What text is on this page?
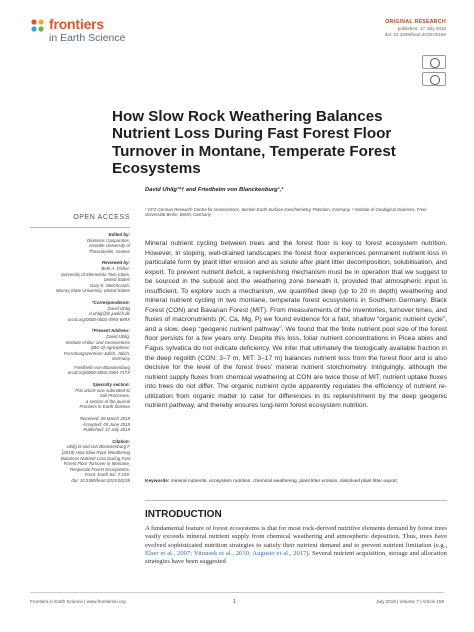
frontiers
in Earth Science
ORIGINAL RESEARCH
published: 17 July 2019
doi: 10.3389/feart.2019.00159
How Slow Rock Weathering Balances Nutrient Loss During Fast Forest Floor Turnover in Montane, Temperate Forest Ecosystems
David Uhlig¹*† and Friedhelm von Blanckenburg¹,²
¹ GFZ German Research Centre for Geosciences, Section Earth Surface Geochemistry, Potsdam, Germany, ² Institute of Geological Sciences, Freie Universität Berlin, Berlin, Germany
OPEN ACCESS
Edited by:
Dionisios Gasparatos,
Aristotle University of
Thessaloniki, Greece
Reviewed by:
Beth A. Fisher,
University of Minnesota Twin Cities,
United States
Gary E. Stinchcomb,
Murray State University, United States
*Correspondence:
David Uhlig
d.uhlig@fz-juelich.de
orcid.org/0000-0002-0954-689X
†Present Address:
David Uhlig,
Institute of Bio- and Geosciences
(IBG-3) Agrosphere,
Forschungszentrum Jülich, Jülich,
Germany
Friedhelm von Blanckenburg
orcid.org/0000-0002-2964-717X
Specialty section:
This article was submitted to
Soil Processes,
a section of the journal
Frontiers in Earth Science
Received: 26 March 2019
Accepted: 05 June 2019
Published: 17 July 2019
Citation:
Uhlig D and von Blanckenburg F
(2019) How Slow Rock Weathering
Balances Nutrient Loss During Fast
Forest Floor Turnover in Montane,
Temperate Forest Ecosystems.
Front. Earth Sci. 7:159.
doi: 10.3389/feart.2019.00159
Mineral nutrient cycling between trees and the forest floor is key to forest ecosystem nutrition. However, in sloping, well-drained landscapes the forest floor experiences permanent nutrient loss in particulate form by plant litter erosion and as solute after plant litter decomposition, solubilisation, and export. To prevent nutrient deficit, a replenishing mechanism must be in operation that we suggest to be sourced in the subsoil and the weathering zone beneath it, provided that atmospheric input is insufficient. To explore such a mechanism, we quantified deep (up to 20 m depth) weathering and mineral nutrient cycling in two montane, temperate forest ecosystems in Southern Germany: Black Forest (CON) and Bavarian Forest (MIT). From measurements of the inventories, turnover times, and fluxes of macronutrients (K, Ca, Mg, P) we found evidence for a fast, shallow “organic nutrient cycle”, and a slow, deep “geogenic nutrient pathway”. We found that the finite nutrient pool size of the forest floor persists for a few years only. Despite this loss, foliar nutrient concentrations in Picea abies and Fagus sylvatica do not indicate deficiency. We infer that ultimately the biologically available fraction in the deep regolith (CON: 3–7 m, MIT: 3–17 m) balances nutrient loss from the forest floor and is also decisive for the level of the forest trees’ mineral nutrient stoichiometry. Intriguingly, although the nutrient supply fluxes from chemical weathering at CON are twice those of MIT, nutrient uptake fluxes into trees do not differ. The organic nutrient cycle apparently regulates the efficiency of nutrient re-utilization from organic matter to cater for differences in its replenishment by the deep geogenic nutrient pathway, and thereby ensures long-term forest ecosystem nutrition.
Keywords: mineral nutrients, ecosystem nutrition, chemical weathering, plant litter erosion, dissolved plant litter export
INTRODUCTION
A fundamental feature of forest ecosystems is that for most rock-derived nutritive elements demand by forest trees vastly exceeds mineral nutrient supply from chemical weathering and atmospheric deposition. Thus, trees have evolved sophisticated nutrition strategies to satisfy their nutrient demand and to prevent nutrient limitation (e.g., Elser et al., 2007; Vitousek et al., 2010; Augusto et al., 2017). Several nutrient acquisition, storage and allocation strategies have been suggested
Frontiers in Earth Science | www.frontiersin.org	1	July 2019 | Volume 7 | Article 159
